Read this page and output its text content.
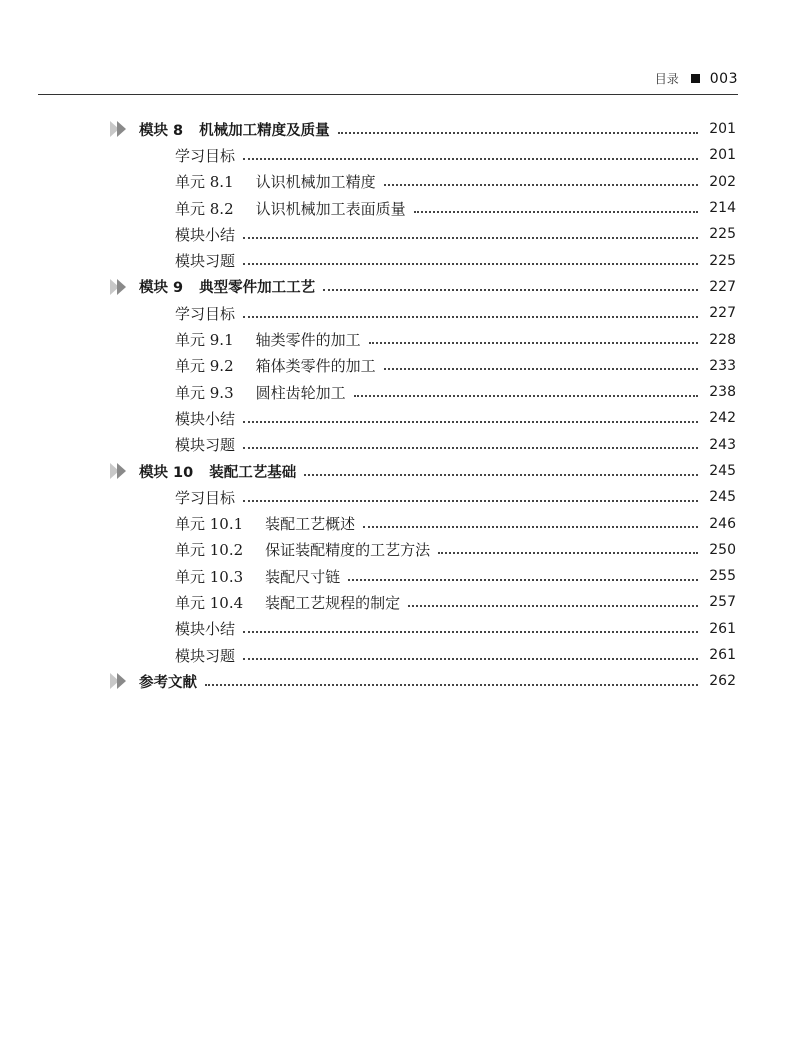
目录 003
模块 8 机械加工精度及质量	201
学习目标	201
单元 8.1 认识机械加工精度	202
单元 8.2 认识机械加工表面质量	214
模块小结	225
模块习题	225
模块 9 典型零件加工工艺	227
学习目标	227
单元 9.1 轴类零件的加工	228
单元 9.2 箱体类零件的加工	233
单元 9.3 圆柱齿轮加工	238
模块小结	242
模块习题	243
模块 10 装配工艺基础	245
学习目标	245
单元 10.1 装配工艺概述	246
单元 10.2 保证装配精度的工艺方法	250
单元 10.3 装配尺寸链	255
单元 10.4 装配工艺规程的制定	257
模块小结	261
模块习题	261
参考文献	262
